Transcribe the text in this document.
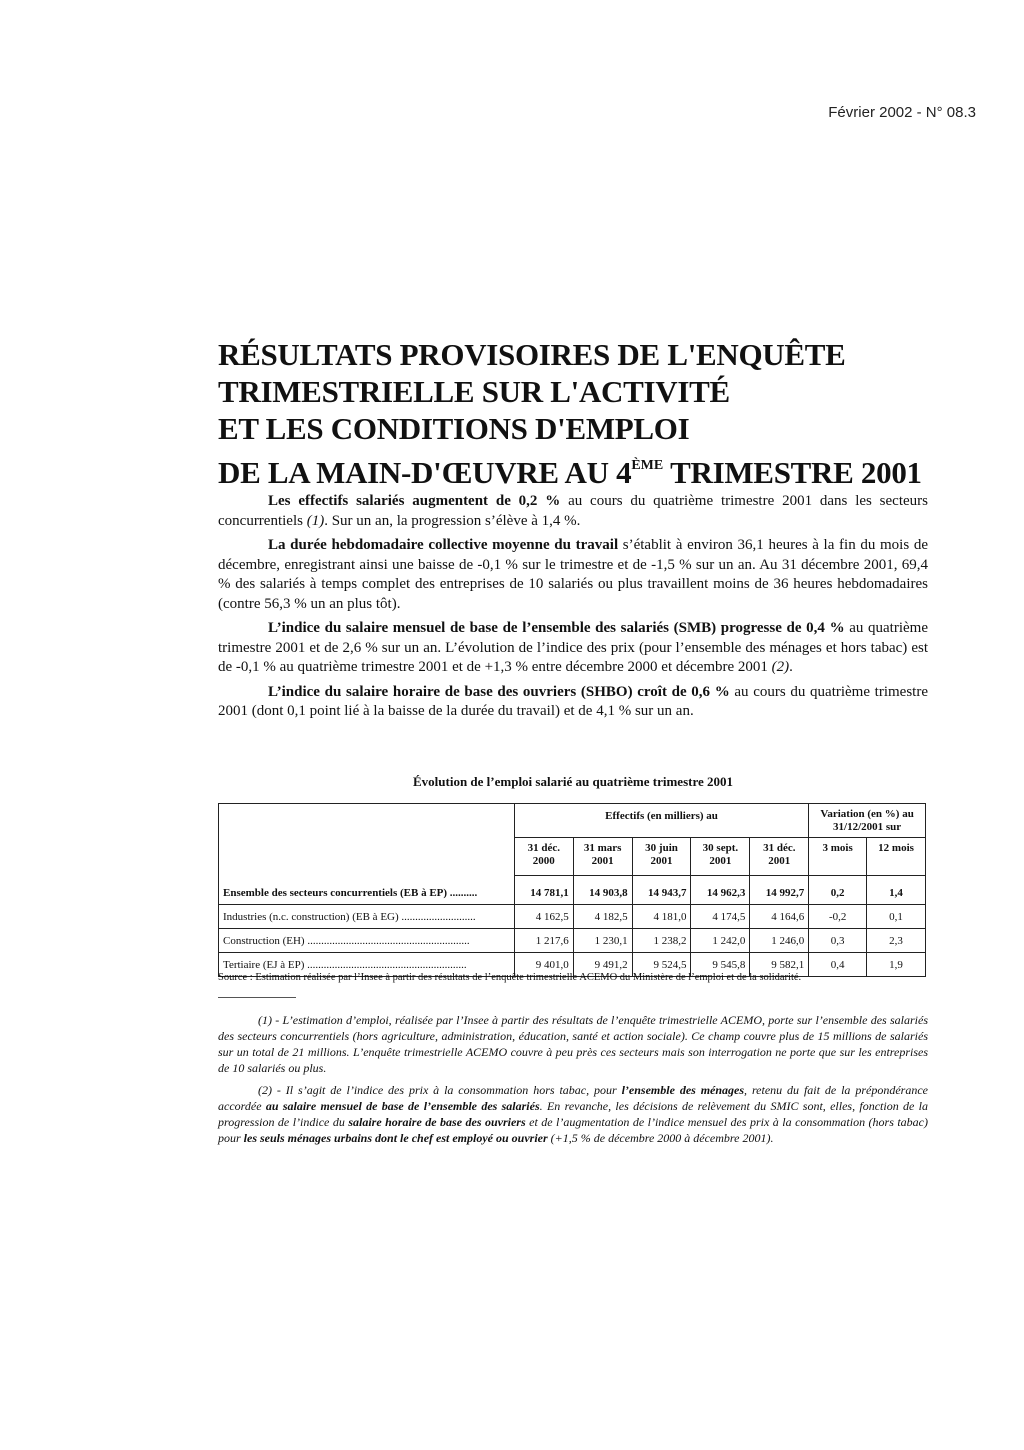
Février 2002 - N° 08.3
RÉSULTATS PROVISOIRES DE L'ENQUÊTE
TRIMESTRIELLE SUR L'ACTIVITÉ
ET LES CONDITIONS D'EMPLOI
DE LA MAIN-D'ŒUVRE AU 4ÈME TRIMESTRE 2001

Les effectifs salariés augmentent de 0,2 % au cours du quatrième trimestre 2001 dans les secteurs concurrentiels (1). Sur un an, la progression s’élève à 1,4 %.

La durée hebdomadaire collective moyenne du travail s’établit à environ 36,1 heures à la fin du mois de décembre, enregistrant ainsi une baisse de -0,1 % sur le trimestre et de -1,5 % sur un an. Au 31 décembre 2001, 69,4 % des salariés à temps complet des entreprises de 10 salariés ou plus travaillent moins de 36 heures hebdomadaires (contre 56,3 % un an plus tôt).

L’indice du salaire mensuel de base de l’ensemble des salariés (SMB) progresse de 0,4 % au quatrième trimestre 2001 et de 2,6 % sur un an. L’évolution de l’indice des prix (pour l’ensemble des ménages et hors tabac) est de -0,1 % au quatrième trimestre 2001 et de +1,3 % entre décembre 2000 et décembre 2001 (2).

L’indice du salaire horaire de base des ouvriers (SHBO) croît de 0,6 % au cours du quatrième trimestre 2001 (dont 0,1 point lié à la baisse de la durée du travail) et de 4,1 % sur un an.

Évolution de l’emploi salarié au quatrième trimestre 2001
	Effectifs (en milliers) au					Variation (en %) au 31/12/2001 sur	
	31 déc. 2000	31 mars 2001	30 juin 2001	30 sept. 2001	31 déc. 2001	3 mois	12 mois
Ensemble des secteurs concurrentiels (EB à EP) ..........	14 781,1	14 903,8	14 943,7	14 962,3	14 992,7	0,2	1,4
Industries (n.c. construction) (EB à EG) ...........................	4 162,5	4 182,5	4 181,0	4 174,5	4 164,6	-0,2	0,1
Construction (EH) ...........................................................	1 217,6	1 230,1	1 238,2	1 242,0	1 246,0	0,3	2,3
Tertiaire (EJ à EP) ..........................................................	9 401,0	9 491,2	9 524,5	9 545,8	9 582,1	0,4	1,9
Source : Estimation réalisée par l’Insee à partir des résultats de l’enquête trimestrielle ACEMO du Ministère de l’emploi et de la solidarité.

(1) - L’estimation d’emploi, réalisée par l’Insee à partir des résultats de l’enquête trimestrielle ACEMO, porte sur l’ensemble des salariés des secteurs concurrentiels (hors agriculture, administration, éducation, santé et action sociale). Ce champ couvre plus de 15 millions de salariés sur un total de 21 millions. L’enquête trimestrielle ACEMO couvre à peu près ces secteurs mais son interrogation ne porte que sur les entreprises de 10 salariés ou plus.

(2) - Il s’agit de l’indice des prix à la consommation hors tabac, pour l’ensemble des ménages, retenu du fait de la prépondérance accordée au salaire mensuel de base de l’ensemble des salariés. En revanche, les décisions de relèvement du SMIC sont, elles, fonction de la progression de l’indice du salaire horaire de base des ouvriers et de l’augmentation de l’indice mensuel des prix à la consommation (hors tabac) pour les seuls ménages urbains dont le chef est employé ou ouvrier (+1,5 % de décembre 2000 à décembre 2001).
